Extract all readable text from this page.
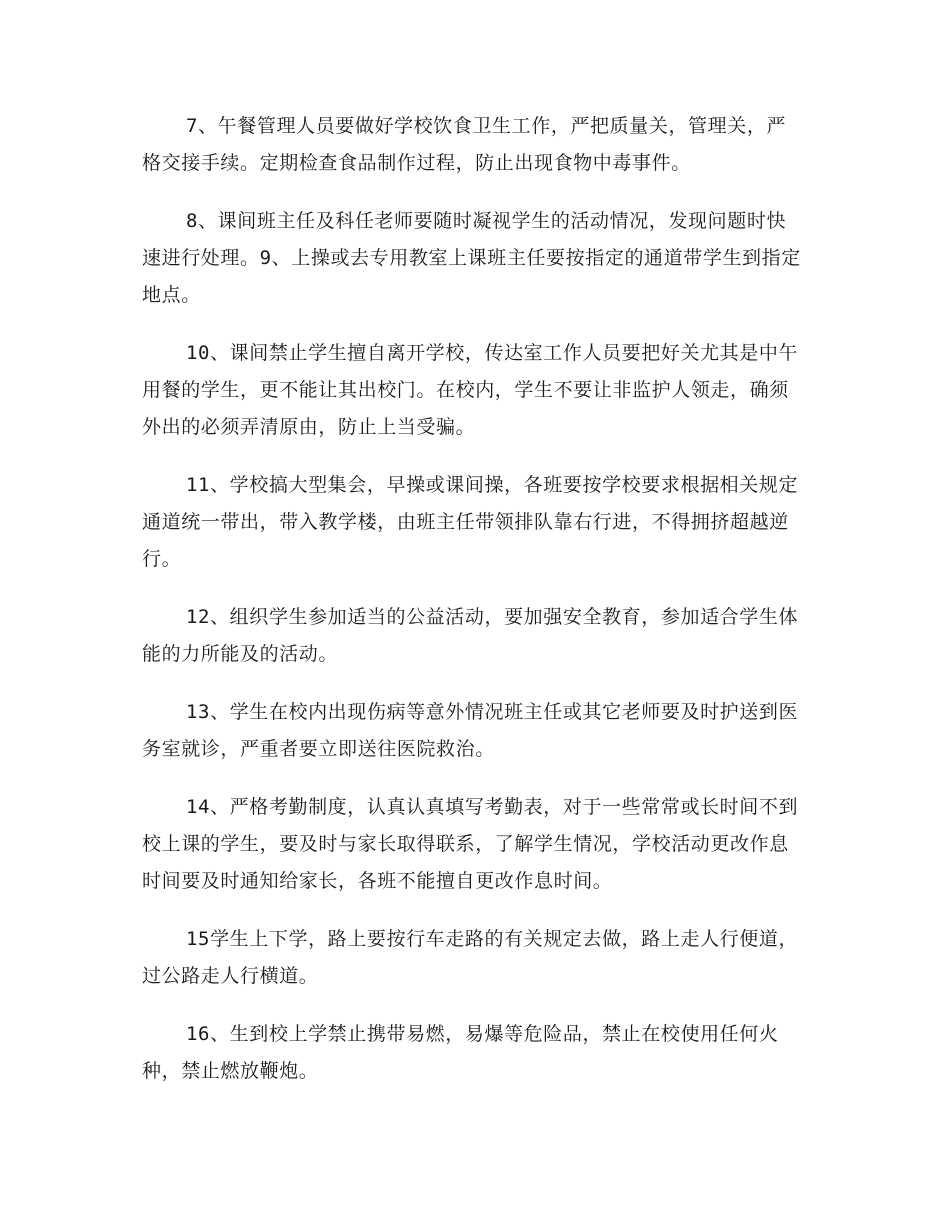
7、午餐管理人员要做好学校饮食卫生工作，严把质量关，管理关，严格交接手续。定期检查食品制作过程，防止出现食物中毒事件。

8、课间班主任及科任老师要随时凝视学生的活动情况，发现问题时快速进行处理。9、上操或去专用教室上课班主任要按指定的通道带学生到指定地点。

10、课间禁止学生擅自离开学校，传达室工作人员要把好关尤其是中午用餐的学生，更不能让其出校门。在校内，学生不要让非监护人领走，确须外出的必须弄清原由，防止上当受骗。

11、学校搞大型集会，早操或课间操，各班要按学校要求根据相关规定通道统一带出，带入教学楼，由班主任带领排队靠右行进，不得拥挤超越逆行。

12、组织学生参加适当的公益活动，要加强安全教育，参加适合学生体能的力所能及的活动。

13、学生在校内出现伤病等意外情况班主任或其它老师要及时护送到医务室就诊，严重者要立即送往医院救治。

14、严格考勤制度，认真认真填写考勤表，对于一些常常或长时间不到校上课的学生，要及时与家长取得联系，了解学生情况，学校活动更改作息时间要及时通知给家长，各班不能擅自更改作息时间。

15学生上下学，路上要按行车走路的有关规定去做，路上走人行便道，过公路走人行横道。

16、生到校上学禁止携带易燃，易爆等危险品，禁止在校使用任何火种，禁止燃放鞭炮。
